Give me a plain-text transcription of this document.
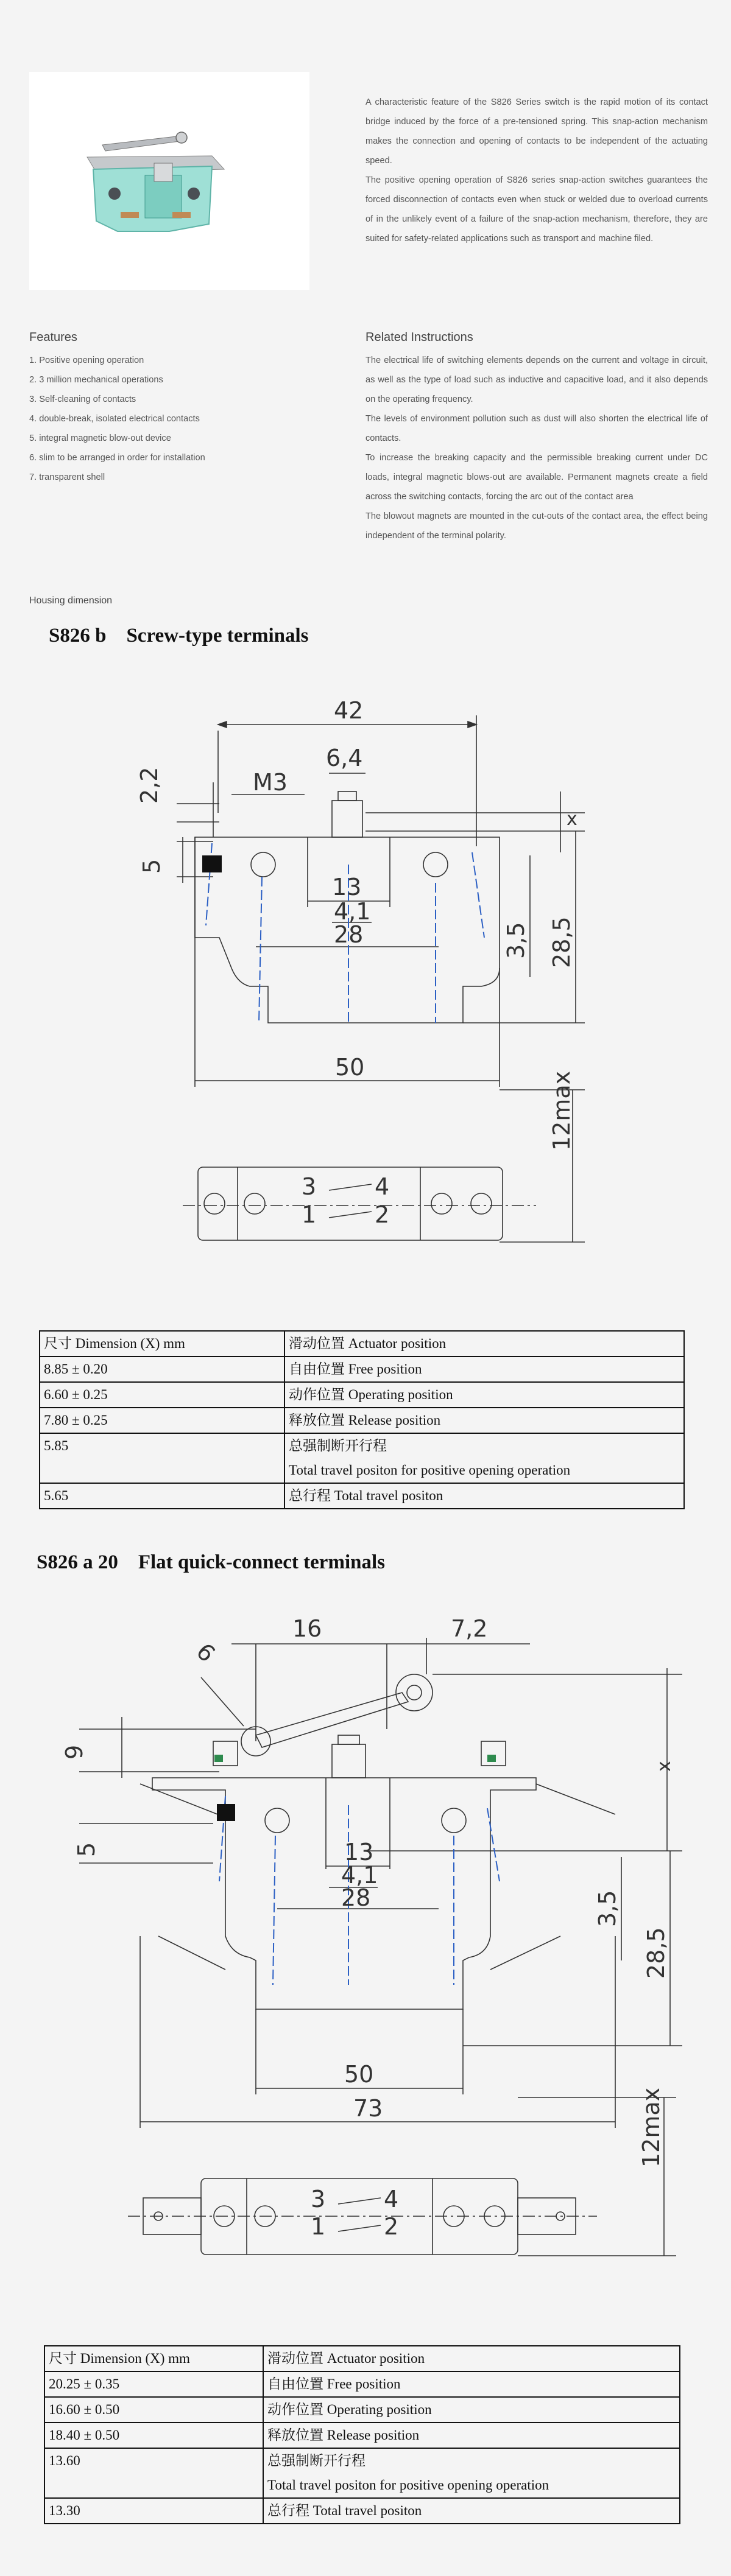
A characteristic feature of the S826 Series switch is the rapid motion of its contact bridge induced by the force of a pre-tensioned spring. This snap-action mechanism makes the connection and opening of contacts to be independent of the actuating speed.

The positive opening operation of S826 series snap-action switches guarantees the forced disconnection of contacts even when stuck or welded due to overload currents of in the unlikely event of a failure of the snap-action mechanism, therefore, they are suited for safety-related applications such as transport and machine filed.

Features

1. Positive opening operation
2. 3 million mechanical operations
3. Self-cleaning of contacts
4. double-break, isolated electrical contacts
5. integral magnetic blow-out device
6. slim to be arranged in order for installation
7. transparent shell

Related Instructions

The electrical life of switching elements depends on the current and voltage in circuit, as well as the type of load such as inductive and capacitive load, and it also depends on the operating frequency.

The levels of environment pollution such as dust will also shorten the electrical life of contacts.

To increase the breaking capacity and the permissible breaking current under DC loads, integral magnetic blows-out are available. Permanent magnets create a field across the switching contacts, forcing the arc out of the contact area

The blowout magnets are mounted in the cut-outs of the contact area, the effect being independent of the terminal polarity.

Housing dimension
S826 b    Screw-type terminals
42
6,4
M3
13
4,1
28
50
x
2,2
5
3,5 28,5
12max
3	4
1	2
尺寸 Dimension (X) mm	滑动位置 Actuator position
8.85 ± 0.20	自由位置 Free position
6.60 ± 0.25	动作位置 Operating position
7.80 ± 0.25	释放位置 Release position
5.85	总强制断开行程
	Total travel positon for positive opening operation
5.65	总行程 Total travel positon
S826 a 20    Flat quick-connect terminals
16	7,2
6
9
x
5	13
4,1
28	3,5
28,5
50
73	12max
3	4
1	2
尺寸 Dimension (X) mm	滑动位置 Actuator position
20.25 ± 0.35	自由位置 Free position
16.60 ± 0.50	动作位置 Operating position
18.40 ± 0.50	释放位置 Release position
13.60	总强制断开行程
	Total travel positon for positive opening operation
13.30	总行程 Total travel positon
